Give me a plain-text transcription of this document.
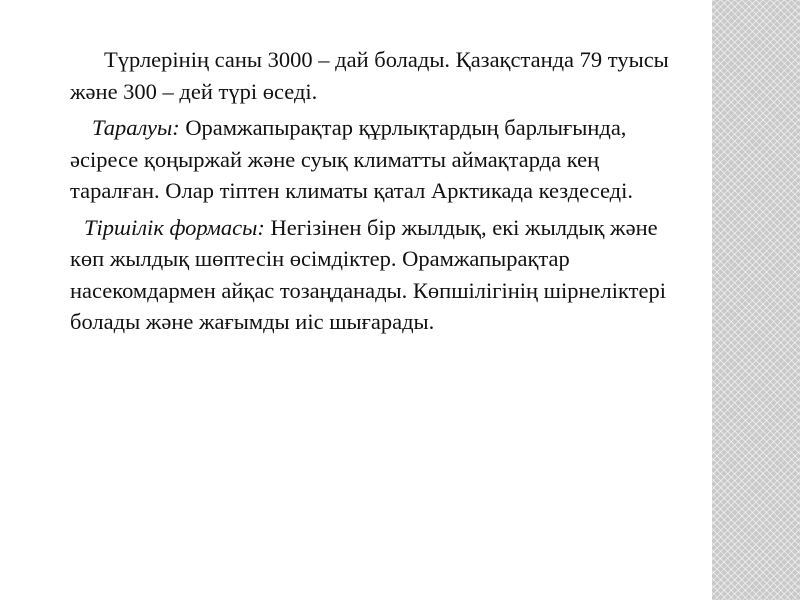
Түрлерінің саны 3000 – дай болады. Қазақстанда 79 туысы және 300 – дей түрі өседі.

Таралуы: Орамжапырақтар құрлықтардың барлығында, әсіресе қоңыржай және суық климатты аймақтарда кең таралған. Олар тіптен климаты қатал Арктикада кездеседі.

Тіршілік формасы: Негізінен бір жылдық, екі жылдық және көп жылдық шөптесін өсімдіктер. Орамжапырақтар насекомдармен айқас тозаңданады. Көпшілігінің шірнеліктері болады және жағымды иіс шығарады.
